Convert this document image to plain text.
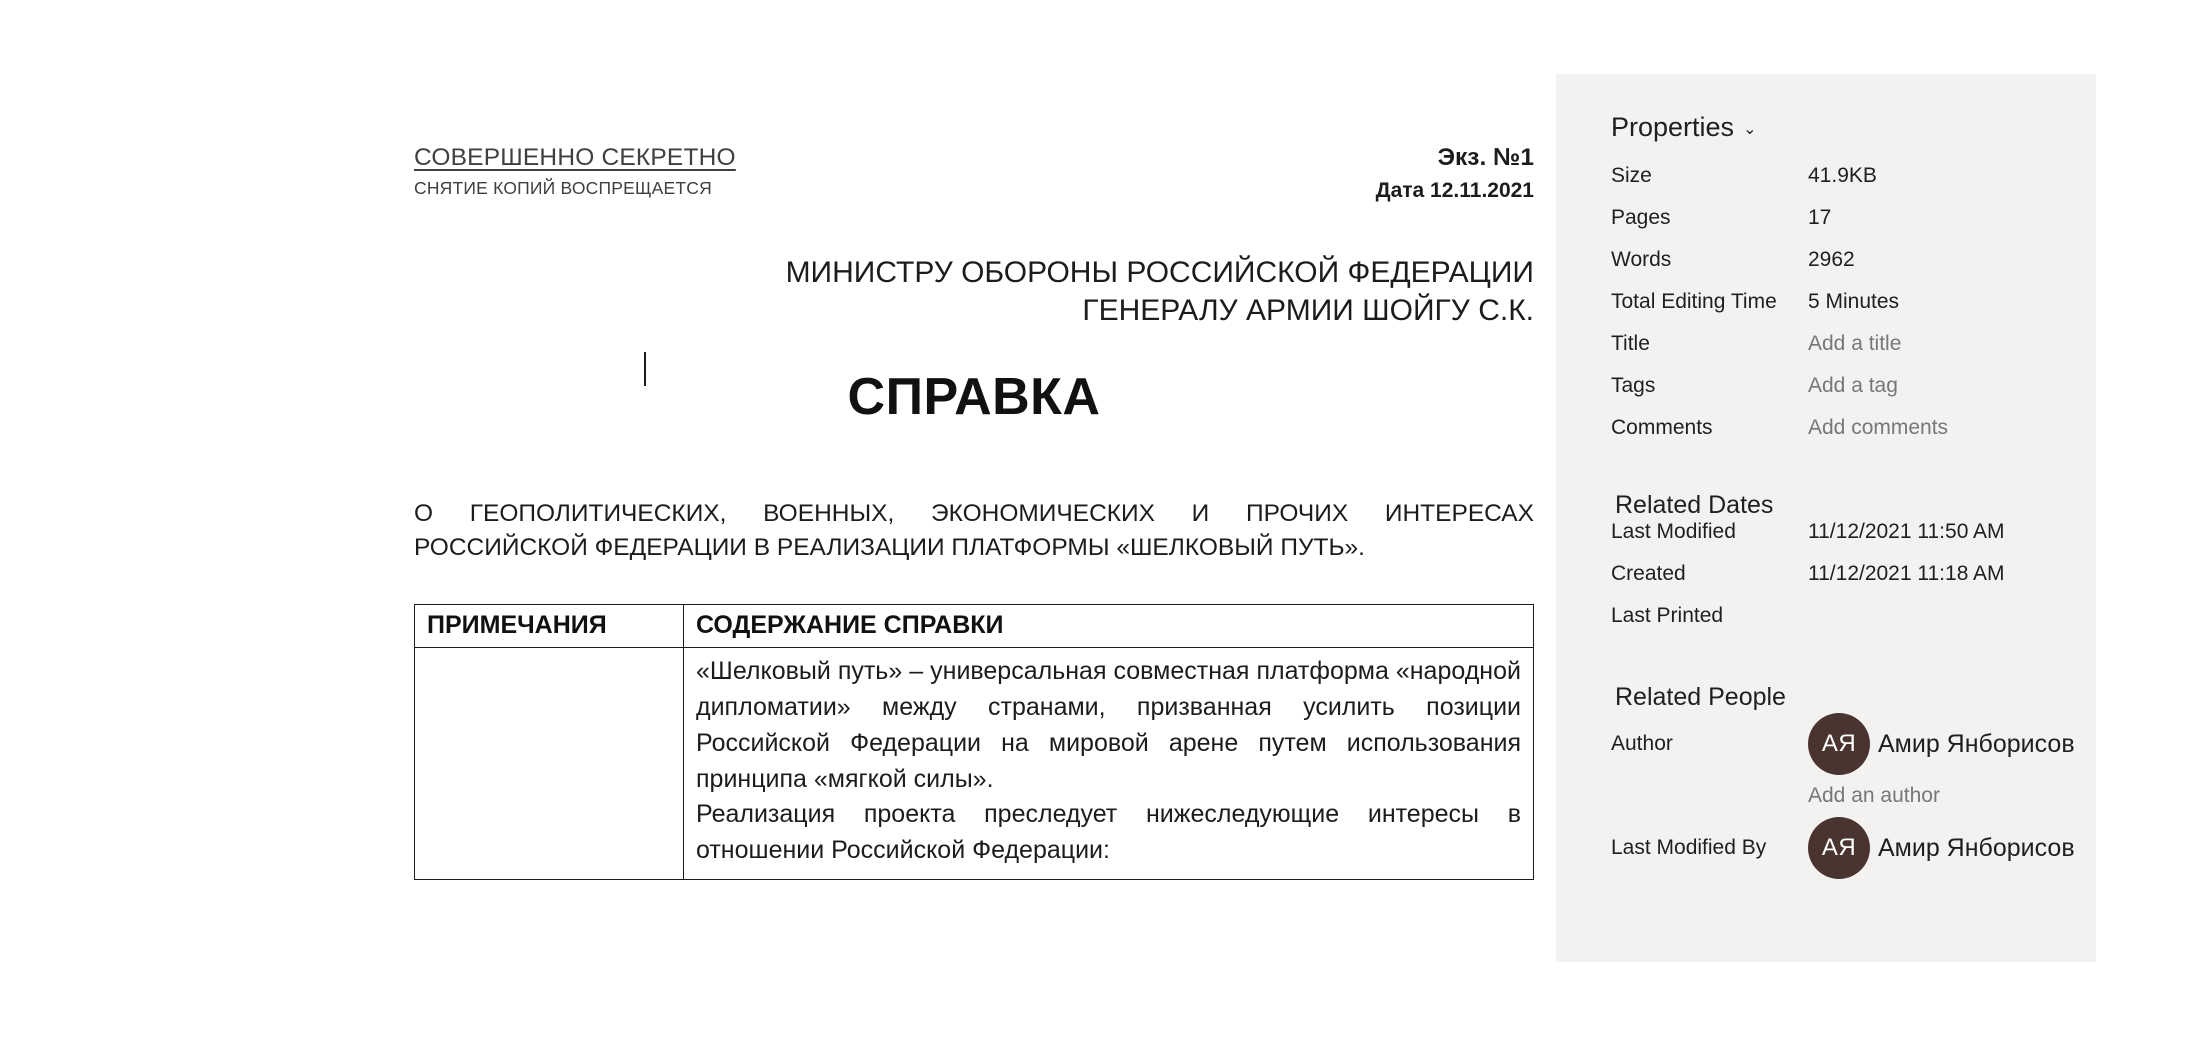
СОВЕРШЕННО СЕКРЕТНО
СНЯТИЕ КОПИЙ ВОСПРЕЩАЕТСЯ
Экз. №1
Дата 12.11.2021
МИНИСТРУ ОБОРОНЫ РОССИЙСКОЙ ФЕДЕРАЦИИ
ГЕНЕРАЛУ АРМИИ ШОЙГУ С.К.
СПРАВКА
О ГЕОПОЛИТИЧЕСКИХ, ВОЕННЫХ, ЭКОНОМИЧЕСКИХ И ПРОЧИХ ИНТЕРЕСАХ РОССИЙСКОЙ ФЕДЕРАЦИИ В РЕАЛИЗАЦИИ ПЛАТФОРМЫ «ШЕЛКОВЫЙ ПУТЬ».
ПРИМЕЧАНИЯ	СОДЕРЖАНИЕ СПРАВКИ

	«Шелковый путь» – универсальная совместная платформа «народной дипломатии» между странами, призванная усилить позиции Российской Федерации на мировой арене путем использования принципа «мягкой силы».

Реализация проекта преследует нижеследующие интересы в отношении Российской Федерации:

Properties ⌄
Size	41.9KB
Pages	17
Words	2962
Total Editing Time	5 Minutes
Title	Add a title
Tags	Add a tag
Comments	Add comments
Related Dates
Last Modified	11/12/2021 11:50 AM
Created	11/12/2021 11:18 AM
Last Printed
Related People
Author	АЯ Амир Янборисов
Add an author
Last Modified By	АЯ Амир Янборисов
